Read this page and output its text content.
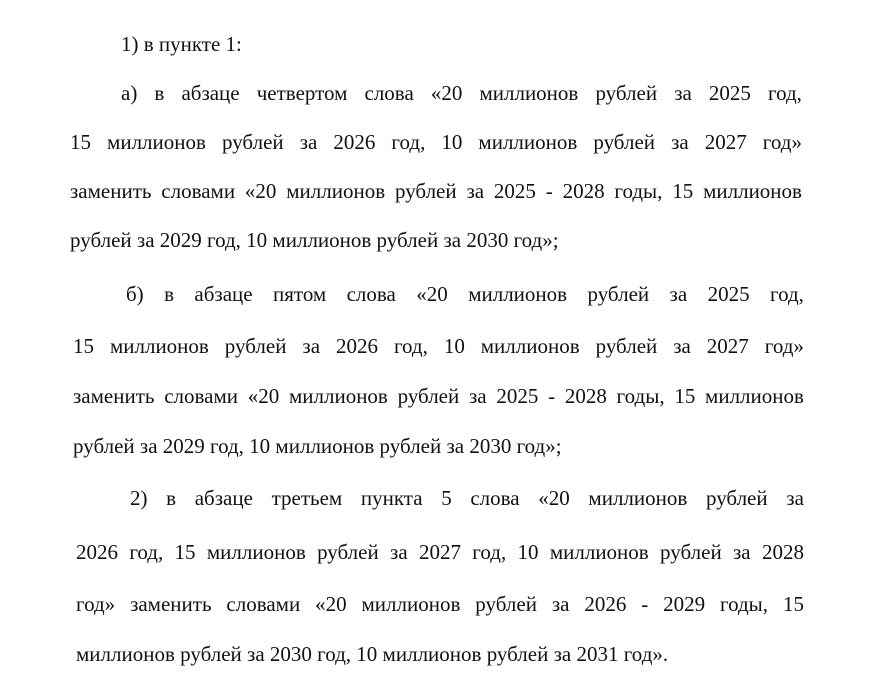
1) в пункте 1:
а) в абзаце четвертом слова «20 миллионов рублей за 2025 год,
15 миллионов рублей за 2026 год, 10 миллионов рублей за 2027 год»
заменить словами «20 миллионов рублей за 2025 - 2028 годы, 15 миллионов
рублей за 2029 год, 10 миллионов рублей за 2030 год»;
б) в абзаце пятом слова «20 миллионов рублей за 2025 год,
15 миллионов рублей за 2026 год, 10 миллионов рублей за 2027 год»
заменить словами «20 миллионов рублей за 2025 - 2028 годы, 15 миллионов
рублей за 2029 год, 10 миллионов рублей за 2030 год»;
2) в абзаце третьем пункта 5 слова «20 миллионов рублей за
2026 год, 15 миллионов рублей за 2027 год, 10 миллионов рублей за 2028
год» заменить словами «20 миллионов рублей за 2026 - 2029 годы, 15
миллионов рублей за 2030 год, 10 миллионов рублей за 2031 год».
